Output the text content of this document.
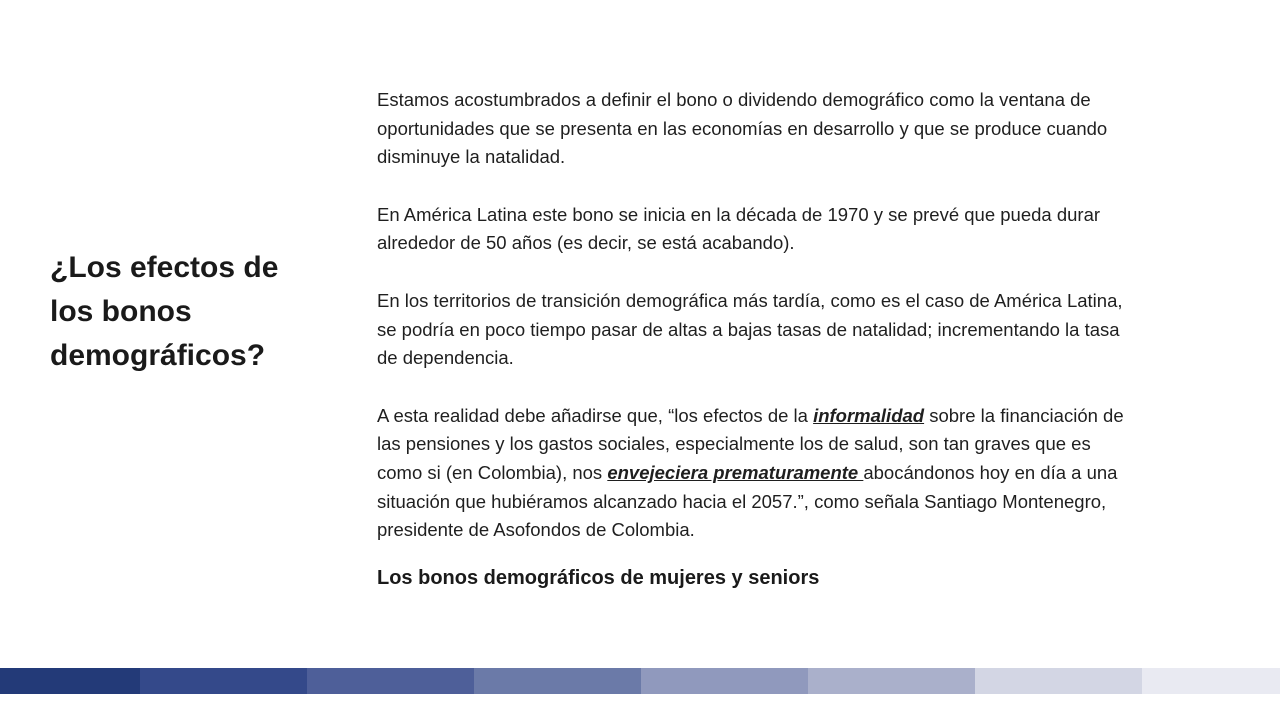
¿Los efectos de los bonos demográficos?

Estamos acostumbrados a definir el bono o dividendo demográfico como la ventana de oportunidades que se presenta en las economías en desarrollo y que se produce cuando disminuye la natalidad.

En América Latina este bono se inicia en la década de 1970 y se prevé que pueda durar alrededor de 50 años (es decir, se está acabando).

En los territorios de transición demográfica más tardía, como es el caso de América Latina, se podría en poco tiempo pasar de altas a bajas tasas de natalidad; incrementando la tasa de dependencia.

A esta realidad debe añadirse que, “los efectos de la informalidad sobre la financiación de las pensiones y los gastos sociales, especialmente los de salud, son tan graves que es como si (en Colombia), nos envejeciera prematuramente abocándonos hoy en día a una situación que hubiéramos alcanzado hacia el 2057.”, como señala Santiago Montenegro, presidente de Asofondos de Colombia.

Los bonos demográficos de mujeres y seniors
